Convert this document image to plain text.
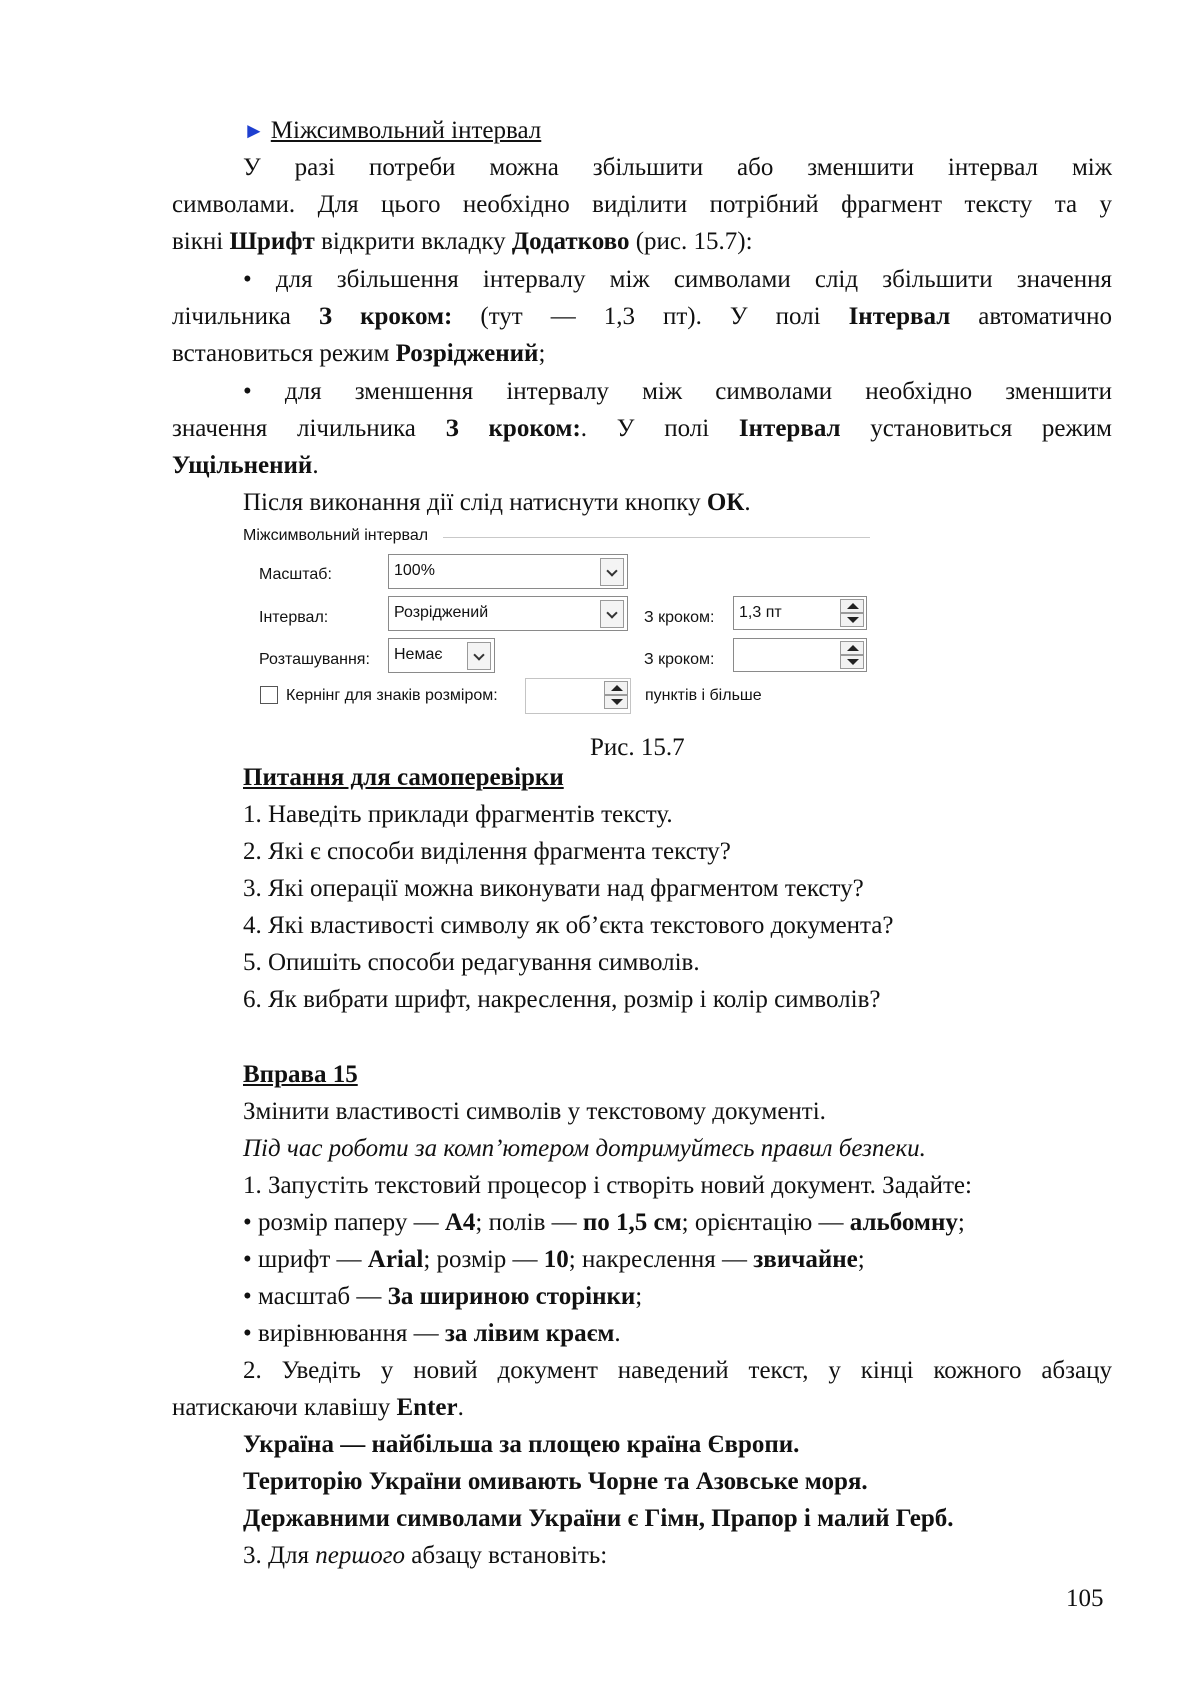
► Міжсимвольний інтервал
У разі потреби можна збільшити або зменшити інтервал між
символами. Для цього необхідно виділити потрібний фрагмент тексту та у
вікні Шрифт відкрити вкладку Додатково (рис. 15.7):
• для збільшення інтервалу між символами слід збільшити значення
лічильника З кроком: (тут — 1,3 пт). У полі Інтервал автоматично
встановиться режим Розріджений;
• для зменшення інтервалу між символами необхідно зменшити
значення лічильника З кроком:. У полі Інтервал установиться режим
Ущільнений.
Після виконання дії слід натиснути кнопку ОК.
Міжсимвольний інтервал
Масштаб:	100%
Інтервал:	Розріджений	З кроком: 1,3 пт
Розташування: Немає	З кроком:
Кернінг для знаків розміром:	пунктів і більше
Рис. 15.7
Питання для самоперевірки
1. Наведіть приклади фрагментів тексту.
2. Які є способи виділення фрагмента тексту?
3. Які операції можна виконувати над фрагментом тексту?
4. Які властивості символу як об’єкта текстового документа?
5. Опишіть способи редагування символів.
6. Як вибрати шрифт, накреслення, розмір і колір символів?
Вправа 15
Змінити властивості символів у текстовому документі.
Під час роботи за комп’ютером дотримуйтесь правил безпеки.
1. Запустіть текстовий процесор і створіть новий документ. Задайте:
• розмір паперу — А4; полів — по 1,5 см; орієнтацію — альбомну;
• шрифт — Arial; розмір — 10; накреслення — звичайне;
• масштаб — За шириною сторінки;
• вирівнювання — за лівим краєм.
2. Уведіть у новий документ наведений текст, у кінці кожного абзацу
натискаючи клавішу Enter.
Україна — найбільша за площею країна Європи.
Територію України омивають Чорне та Азовське моря.
Державними символами України є Гімн, Прапор і малий Герб.
3. Для першого абзацу встановіть:
105
